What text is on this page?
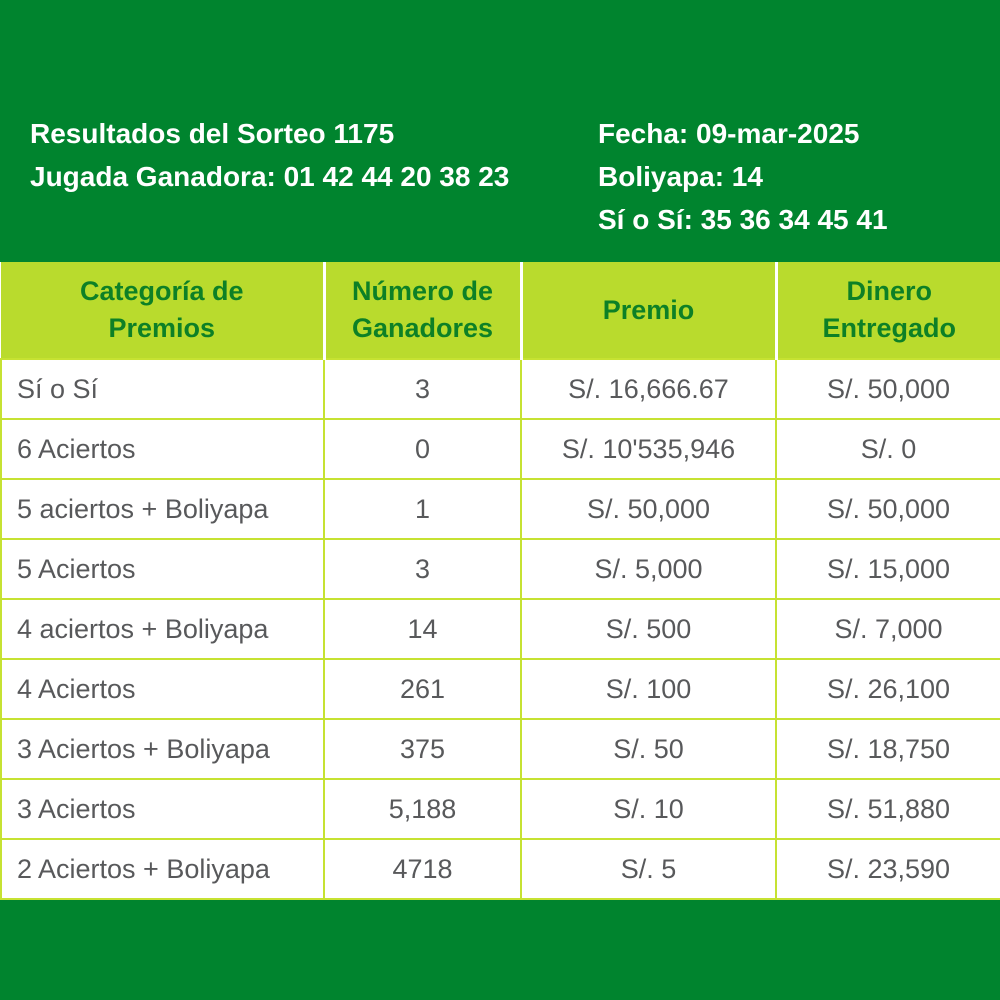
Resultados del Sorteo 1175
Jugada Ganadora: 01 42 44 20 38 23
Fecha: 09-mar-2025
Boliyapa: 14
Sí o Sí: 35 36 34 45 41
Categoría de Premios	Número de Ganadores	Premio	Dinero Entregado
Sí o Sí	3	S/. 16,666.67	S/. 50,000
6 Aciertos	0	S/. 10'535,946	S/. 0
5 aciertos + Boliyapa	1	S/. 50,000	S/. 50,000
5 Aciertos	3	S/. 5,000	S/. 15,000
4 aciertos + Boliyapa	14	S/. 500	S/. 7,000
4 Aciertos	261	S/. 100	S/. 26,100
3 Aciertos + Boliyapa	375	S/. 50	S/. 18,750
3 Aciertos	5,188	S/. 10	S/. 51,880
2 Aciertos + Boliyapa	4718	S/. 5	S/. 23,590
